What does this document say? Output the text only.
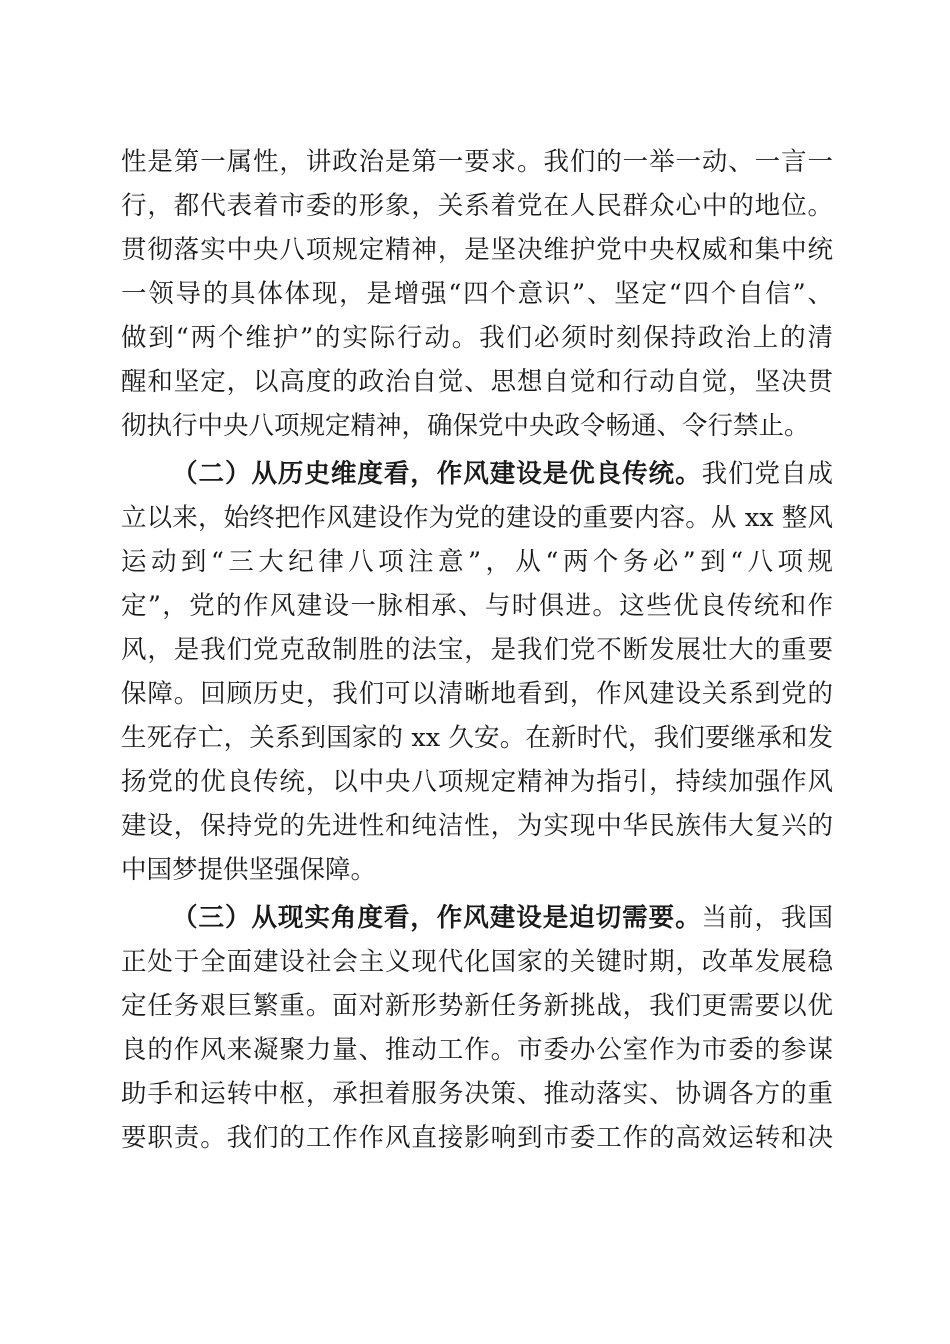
性是第一属性，讲政治是第一要求。我们的一举一动、一言一
行，都代表着市委的形象，关系着党在人民群众心中的地位。
贯彻落实中央八项规定精神，是坚决维护党中央权威和集中统
一领导的具体体现，是增强“四个意识”、坚定“四个自信”、
做到“两个维护”的实际行动。我们必须时刻保持政治上的清
醒和坚定，以高度的政治自觉、思想自觉和行动自觉，坚决贯
彻执行中央八项规定精神，确保党中央政令畅通、令行禁止。
（二）从历史维度看，作风建设是优良传统。我们党自成
立以来，始终把作风建设作为党的建设的重要内容。从 xx 整风
运动到“三大纪律八项注意”，从“两个务必”到“八项规
定”，党的作风建设一脉相承、与时俱进。这些优良传统和作
风，是我们党克敌制胜的法宝，是我们党不断发展壮大的重要
保障。回顾历史，我们可以清晰地看到，作风建设关系到党的
生死存亡，关系到国家的 xx 久安。在新时代，我们要继承和发
扬党的优良传统，以中央八项规定精神为指引，持续加强作风
建设，保持党的先进性和纯洁性，为实现中华民族伟大复兴的
中国梦提供坚强保障。
（三）从现实角度看，作风建设是迫切需要。当前，我国
正处于全面建设社会主义现代化国家的关键时期，改革发展稳
定任务艰巨繁重。面对新形势新任务新挑战，我们更需要以优
良的作风来凝聚力量、推动工作。市委办公室作为市委的参谋
助手和运转中枢，承担着服务决策、推动落实、协调各方的重
要职责。我们的工作作风直接影响到市委工作的高效运转和决
